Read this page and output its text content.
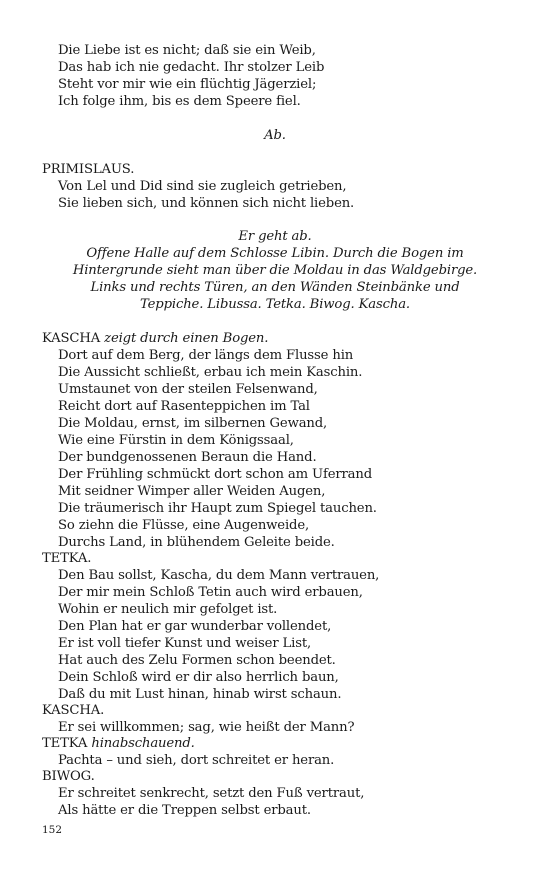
Die Liebe ist es nicht; daß sie ein Weib,
Das hab ich nie gedacht. Ihr stolzer Leib
Steht vor mir wie ein flüchtig Jägerziel;
Ich folge ihm, bis es dem Speere fiel.
Ab.
PRIMISLAUS.
Von Lel und Did sind sie zugleich getrieben,
Sie lieben sich, und können sich nicht lieben.
Er geht ab.
Offene Halle auf dem Schlosse Libin. Durch die Bogen im
Hintergrunde sieht man über die Moldau in das Waldgebirge.
Links und rechts Türen, an den Wänden Steinbänke und
Teppiche. Libussa. Tetka. Biwog. Kascha.
KASCHA zeigt durch einen Bogen.
Dort auf dem Berg, der längs dem Flusse hin
Die Aussicht schließt, erbau ich mein Kaschin.
Umstaunet von der steilen Felsenwand,
Reicht dort auf Rasenteppichen im Tal
Die Moldau, ernst, im silbernen Gewand,
Wie eine Fürstin in dem Königssaal,
Der bundgenossenen Beraun die Hand.
Der Frühling schmückt dort schon am Uferrand
Mit seidner Wimper aller Weiden Augen,
Die träumerisch ihr Haupt zum Spiegel tauchen.
So ziehn die Flüsse, eine Augenweide,
Durchs Land, in blühendem Geleite beide.
TETKA.
Den Bau sollst, Kascha, du dem Mann vertrauen,
Der mir mein Schloß Tetin auch wird erbauen,
Wohin er neulich mir gefolget ist.
Den Plan hat er gar wunderbar vollendet,
Er ist voll tiefer Kunst und weiser List,
Hat auch des Zelu Formen schon beendet.
Dein Schloß wird er dir also herrlich baun,
Daß du mit Lust hinan, hinab wirst schaun.
KASCHA.
Er sei willkommen; sag, wie heißt der Mann?
TETKA hinabschauend.
Pachta – und sieh, dort schreitet er heran.
BIWOG.
Er schreitet senkrecht, setzt den Fuß vertraut,
Als hätte er die Treppen selbst erbaut.
152
